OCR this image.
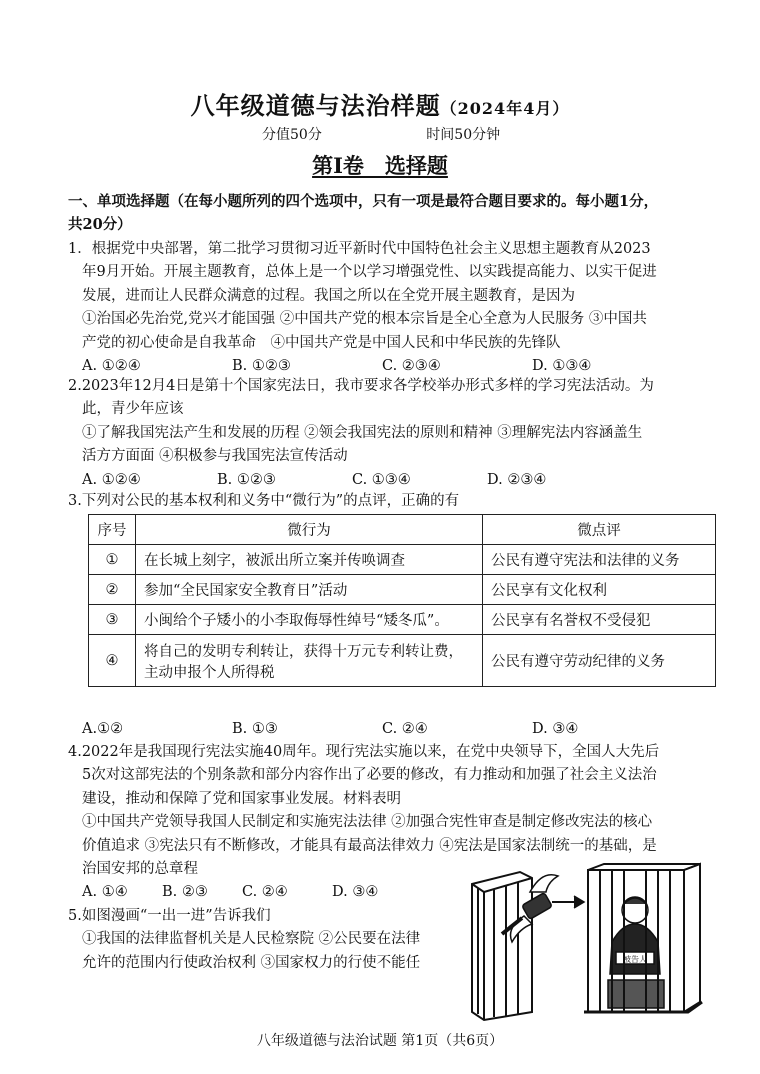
八年级道德与法治样题（2024年4月）
分值50分	时间50分钟
第Ⅰ卷　选择题
一、单项选择题（在每小题所列的四个选项中，只有一项是最符合题目要求的。每小题1分，
共20分）
1．根据党中央部署，第二批学习贯彻习近平新时代中国特色社会主义思想主题教育从2023
年9月开始。开展主题教育，总体上是一个以学习增强党性、以实践提高能力、以实干促进
发展，进而让人民群众满意的过程。我国之所以在全党开展主题教育，是因为
①治国必先治党,党兴才能国强 ②中国共产党的根本宗旨是全心全意为人民服务 ③中国共
产党的初心使命是自我革命　④中国共产党是中国人民和中华民族的先锋队
A. ①②④	B. ①②③	C. ②③④	D. ①③④
2.2023年12月4日是第十个国家宪法日，我市要求各学校举办形式多样的学习宪法活动。为
此，青少年应该
①了解我国宪法产生和发展的历程 ②领会我国宪法的原则和精神 ③理解宪法内容涵盖生
活方方面面 ④积极参与我国宪法宣传活动
A. ①②④	B. ①②③	C. ①③④	D. ②③④
3.下列对公民的基本权利和义务中“微行为”的点评，正确的有
序号	微行为	微点评
①	在长城上刻字，被派出所立案并传唤调查	公民有遵守宪法和法律的义务
②	参加“全民国家安全教育日”活动	公民享有文化权利
③	小闽给个子矮小的小李取侮辱性绰号“矮冬瓜”。	公民享有名誉权不受侵犯
④	将自己的发明专利转让，获得十万元专利转让费，主动申报个人所得税	公民有遵守劳动纪律的义务
A.①②	B. ①③	C. ②④	D. ③④
4.2022年是我国现行宪法实施40周年。现行宪法实施以来，在党中央领导下，全国人大先后
5次对这部宪法的个别条款和部分内容作出了必要的修改，有力推动和加强了社会主义法治
建设，推动和保障了党和国家事业发展。材料表明
①中国共产党领导我国人民制定和实施宪法法律 ②加强合宪性审查是制定修改宪法的核心
价值追求 ③宪法只有不断修改，才能具有最高法律效力 ④宪法是国家法制统一的基础，是
治国安邦的总章程
A. ①④	B. ②③	C. ②④	D. ③④
5.如图漫画“一出一进”告诉我们
①我国的法律监督机关是人民检察院 ②公民要在法律
允许的范围内行使政治权利 ③国家权力的行使不能任	被告人
八年级道德与法治试题 第1页（共6页）
